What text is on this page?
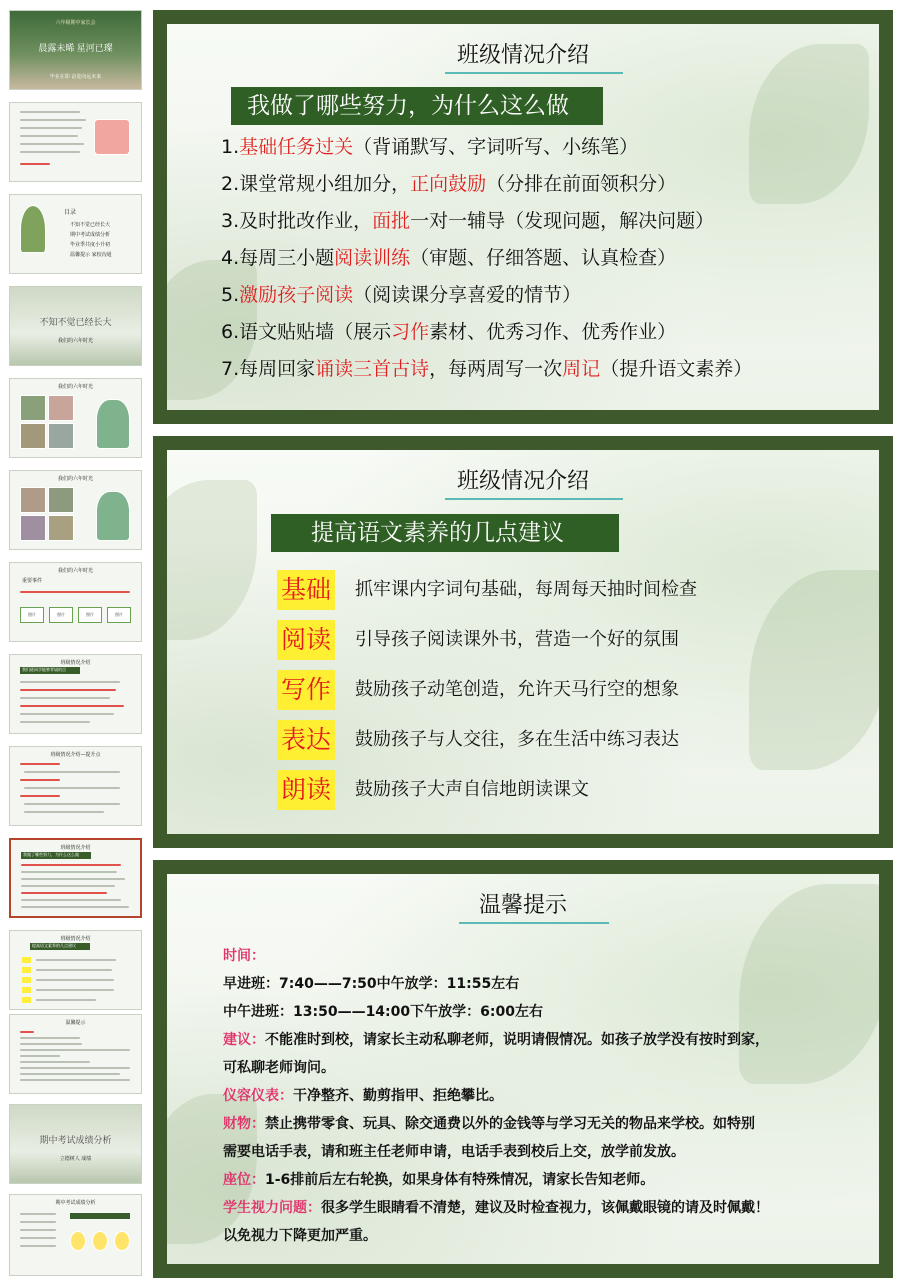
六年级期中家长会
晨露未晞 星河已璨
毕业在即 奋进向远未来
目录
不知不觉已经长大
期中考试成绩分析
毕业季共度小升初
温馨提示 家校沟通
不知不觉已经长大
我们的六年时光
我们的六年时光
我们的六年时光
我们的六年时光
重要事件
照片	照片	照片	照片
班级情况介绍
我们班同学能够背诵的点
班级情况介绍—提升点
班级情况介绍
我做了哪些努力，为什么这么做
班级情况介绍
提高语文素养的几点建议
温馨提示
期中考试成绩分析
立德树人 成绩
期中考试成绩分析
班级情况介绍
我做了哪些努力，为什么这么做
1.基础任务过关（背诵默写、字词听写、小练笔）
2.课堂常规小组加分，正向鼓励（分排在前面领积分）
3.及时批改作业，面批一对一辅导（发现问题，解决问题）
4.每周三小题阅读训练（审题、仔细答题、认真检查）
5.激励孩子阅读（阅读课分享喜爱的情节）
6.语文贴贴墙（展示习作素材、优秀习作、优秀作业）
7.每周回家诵读三首古诗，每两周写一次周记（提升语文素养）
班级情况介绍
提高语文素养的几点建议
基础 抓牢课内字词句基础，每周每天抽时间检查
阅读 引导孩子阅读课外书，营造一个好的氛围
写作 鼓励孩子动笔创造，允许天马行空的想象
表达 鼓励孩子与人交往，多在生活中练习表达
朗读 鼓励孩子大声自信地朗读课文
温馨提示
时间：
早进班：7:40——7:50中午放学：11:55左右
中午进班：13:50——14:00下午放学：6:00左右
建议：不能准时到校，请家长主动私聊老师，说明请假情况。如孩子放学没有按时到家，
可私聊老师询问。
仪容仪表：干净整齐、勤剪指甲、拒绝攀比。
财物：禁止携带零食、玩具、除交通费以外的金钱等与学习无关的物品来学校。如特别
需要电话手表，请和班主任老师申请，电话手表到校后上交，放学前发放。
座位：1-6排前后左右轮换，如果身体有特殊情况，请家长告知老师。
学生视力问题：很多学生眼睛看不清楚，建议及时检查视力，该佩戴眼镜的请及时佩戴！
以免视力下降更加严重。
